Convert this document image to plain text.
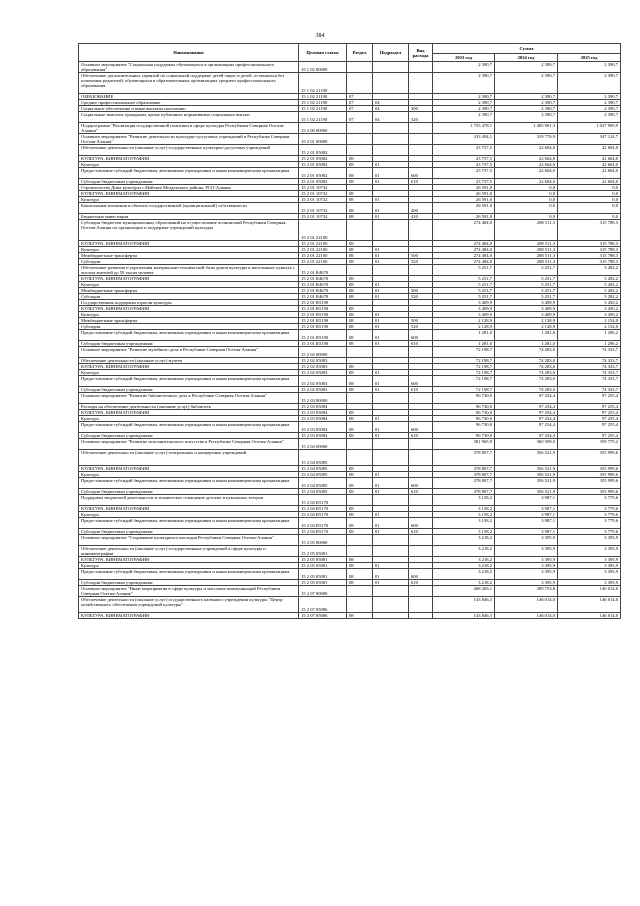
384
Наименование	Целевая статья	Раздел	Подраздел	Вид расхода	Сумма		
					2023 год	2024 год	2025 год
Основное мероприятие "Социальная поддержка обучающихся в организациях профессионального образования"	15 1 02 00000				2 390,7	2 390,7	2 390,7
Обеспечение дополнительных гарантий по социальной поддержке детей-сирот и детей, оставшихся без попечения родителей, обучающихся в образовательных организациях среднего профессионального образования	15 1 02 21190				2 390,7	2 390,7	2 390,7
ОБРАЗОВАНИЕ	15 1 02 21190	07			2 390,7	2 390,7	2 390,7
Среднее профессиональное образование	15 1 02 21190	07	04		2 390,7	2 390,7	2 390,7
Социальное обеспечение и иные выплаты населению	15 1 02 21190	07	04	300	2 390,7	2 390,7	2 390,7
Социальные выплаты гражданам, кроме публичных нормативных социальных выплат	15 1 02 21190	07	04	320	2 390,7	2 390,7	2 390,7
Подпрограмма "Реализация государственной политики в сфере культуры Республики Северная Осетия-Алания"	15 2 00 00000				1 755 478,1	1 405 901,3	1 027 900,9
Основное мероприятие "Развитие деятельности культурно-досуговых учреждений в Республике Северная Осетия-Алания"	15 2 01 00000				333 494,1	319 776,9	347 124,7
Обеспечение деятельности (оказание услуг) государственных культурно-досуговых учреждений	15 2 01 05082				23 757,5	22 604,0	22 604,0
КУЛЬТУРА, КИНЕМАТОГРАФИЯ	15 2 01 05082	08			23 757,5	22 604,0	22 604,0
Культура	15 2 01 05082	08	01		23 757,5	22 604,0	22 604,0
Предоставление субсидий бюджетным, автономным учреждениям и иным некоммерческим организациям	15 2 01 05082	08	01	600	23 757,5	22 604,0	22 604,0
Субсидии бюджетным учреждениям	15 2 01 05082	08	01	610	23 757,5	22 604,0	22 604,0
Строительство Дома культуры с.Майское Моздокского района, РСО-Алания	15 2 01 10732				26 591,0	0,0	0,0
КУЛЬТУРА, КИНЕМАТОГРАФИЯ	15 2 01 10732	08			26 591,0	0,0	0,0
Культура	15 2 01 10732	08	01		26 591,0	0,0	0,0
Капитальные вложения в объекты государственной (муниципальной) собственности	15 2 01 10732	08	01	400	26 591,0	0,0	0,0
Бюджетные инвестиции	15 2 01 10732	08	01	410	26 591,0	0,0	0,0
Субсидии бюджетам муниципальных образований на осуществление полномочий Республики Северная Осетия-Алания по организации и поддержке учреждений культуры	15 2 01 22100				274 484,0	288 511,3	315 788,3
КУЛЬТУРА, КИНЕМАТОГРАФИЯ	15 2 01 22100	08			274 484,0	288 511,3	315 788,3
Культура	15 2 01 22100	08	01		274 484,0	288 511,3	315 788,3
Межбюджетные трансферты	15 2 01 22100	08	01	500	274 484,0	288 511,3	315 788,3
Субсидии	15 2 01 22100	08	01	520	274 484,0	288 511,3	315 788,3
Обеспечение развития и укрепления материально-технической базы домов культуры в населенных пунктах с числом жителей до 50 тысяч человек	15 2 01 R4670				5 251,7	5 251,7	5 282,2
КУЛЬТУРА, КИНЕМАТОГРАФИЯ	15 2 01 R4670	08			5 251,7	5 251,7	5 282,2
Культура	15 2 01 R4670	08	01		5 251,7	5 251,7	5 282,2
Межбюджетные трансферты	15 2 01 R4670	08	01	500	5 251,7	5 251,7	5 282,2
Субсидии	15 2 01 R4670	08	01	520	5 251,7	5 251,7	5 282,2
Государственная поддержка отрасли культуры	15 2 01 R5190				3 409,9	3 409,9	3 450,2
КУЛЬТУРА, КИНЕМАТОГРАФИЯ	15 2 01 R5190	08			3 409,9	3 409,9	3 450,2
Культура	15 2 01 R5190	08	01		3 409,9	3 409,9	3 450,2
Межбюджетные трансферты	15 2 01 R5190	08	01	500	2 128,9	2 128,9	2 154,0
Субсидии	15 2 01 R5190	08	01	520	2 128,9	2 128,9	2 154,0
Предоставление субсидий бюджетным, автономным учреждениям и иным некоммерческим организациям	15 2 01 R5190	08	01	600	1 281,0	1 281,0	1 296,2
Субсидии бюджетным учреждениям	15 2 01 R5190	08	01	610	1 281,0	1 281,0	1 296,2
Основное мероприятие "Развитие музейного дела в Республике Северная Осетия-Алания"	15 2 02 00000				72 198,7	74 283,0	74 333,7
Обеспечение деятельности (оказание услуг) музеев	15 2 02 05083				72 198,7	74 283,0	74 333,7
КУЛЬТУРА, КИНЕМАТОГРАФИЯ	15 2 02 05083	08			72 198,7	74 283,0	74 333,7
Культура	15 2 02 05083	08	01		72 198,7	74 283,0	74 333,7
Предоставление субсидий бюджетным, автономным учреждениям и иным некоммерческим организациям	15 2 02 05083	08	01	600	72 198,7	74 283,0	74 333,7
Субсидии бюджетным учреждениям	15 2 02 05083	08	01	610	72 198,7	74 283,0	74 333,7
Основное мероприятие "Развитие библиотечного дела в Республике Северная Осетия-Алания"	15 2 03 00000				96 730,0	97 254,4	97 255,4
Расходы на обеспечение деятельности (оказание услуг) библиотек	15 2 03 05084				96 730,0	97 254,4	97 255,4
КУЛЬТУРА, КИНЕМАТОГРАФИЯ	15 2 03 05084	08			96 730,0	97 254,4	97 255,4
Культура	15 2 03 05084	08	01		96 730,0	97 254,4	97 255,4
Предоставление субсидий бюджетным, автономным учреждениям и иным некоммерческим организациям	15 2 03 05084	08	01	600	96 730,0	97 254,4	97 255,4
Субсидии бюджетным учреждениям	15 2 03 05084	08	01	610	96 730,0	97 254,4	97 255,4
Основное мероприятие "Развитие исполнительского искусства в Республике Северная Осетия-Алания"	15 2 04 00000				381 965,9	360 509,0	359 779,2
Обеспечение деятельности (оказание услуг) театральных и концертных учреждений	15 2 04 05085				378 807,7	356 521,9	355 999,6
КУЛЬТУРА, КИНЕМАТОГРАФИЯ	15 2 04 05085	08			378 807,7	356 521,9	355 999,6
Культура	15 2 04 05085	08	01		378 807,7	356 521,9	355 999,6
Предоставление субсидий бюджетным, автономным учреждениям и иным некоммерческим организациям	15 2 04 05085	08	01	600	378 807,7	356 521,9	355 999,6
Субсидии бюджетным учреждениям	15 2 04 05085	08	01	610	378 807,7	356 521,9	355 999,6
Поддержка творческой деятельности и техническое оснащение детских и кукольных театров	15 2 04 R5170				3 158,2	3 987,1	3 779,6
КУЛЬТУРА, КИНЕМАТОГРАФИЯ	15 2 04 R5170	08			3 158,2	3 987,1	3 779,6
Культура	15 2 04 R5170	08	01		3 158,2	3 987,1	3 779,6
Предоставление субсидий бюджетным, автономным учреждениям и иным некоммерческим организациям	15 2 04 R5170	08	01	600	3 158,2	3 987,1	3 779,6
Субсидии бюджетным учреждениям	15 2 04 R5170	08	01	610	3 158,2	3 987,1	3 779,6
Основное мероприятие "Сохранение культурного наследия Республики Северная Осетия-Алания"	15 2 05 00000				3 218,2	3 395,9	3 395,9
Обеспечение деятельности (оказание услуг) государственных учреждений в сфере культуры и кинематографии	15 2 05 05081				3 218,2	3 395,9	3 395,9
КУЛЬТУРА, КИНЕМАТОГРАФИЯ	15 2 05 05081	08			3 218,2	3 395,9	3 395,9
Культура	15 2 05 05081	08	01		3 218,2	3 395,9	3 395,9
Предоставление субсидий бюджетным, автономным учреждениям и иным некоммерческим организациям	15 2 05 05081	08	01	600	3 218,2	3 395,9	3 395,9
Субсидии бюджетным учреждениям	15 2 05 05081	08	01	610	3 218,2	3 395,9	3 395,9
Основное мероприятие "Иные мероприятия в сфере культуры и массовых коммуникаций Республики Северная Осетия-Алания"	15 2 07 00000				268 269,1	209 753,8	140 014,0
Обеспечение деятельности (оказание услуг) государственного казенного учреждения культуры "Центр хозяйственного обеспечения учреждений культуры"	15 2 07 05086				143 846,3	146 014,0	146 014,0
КУЛЬТУРА, КИНЕМАТОГРАФИЯ	15 2 07 05086	08			143 846,3	146 014,0	146 014,0
